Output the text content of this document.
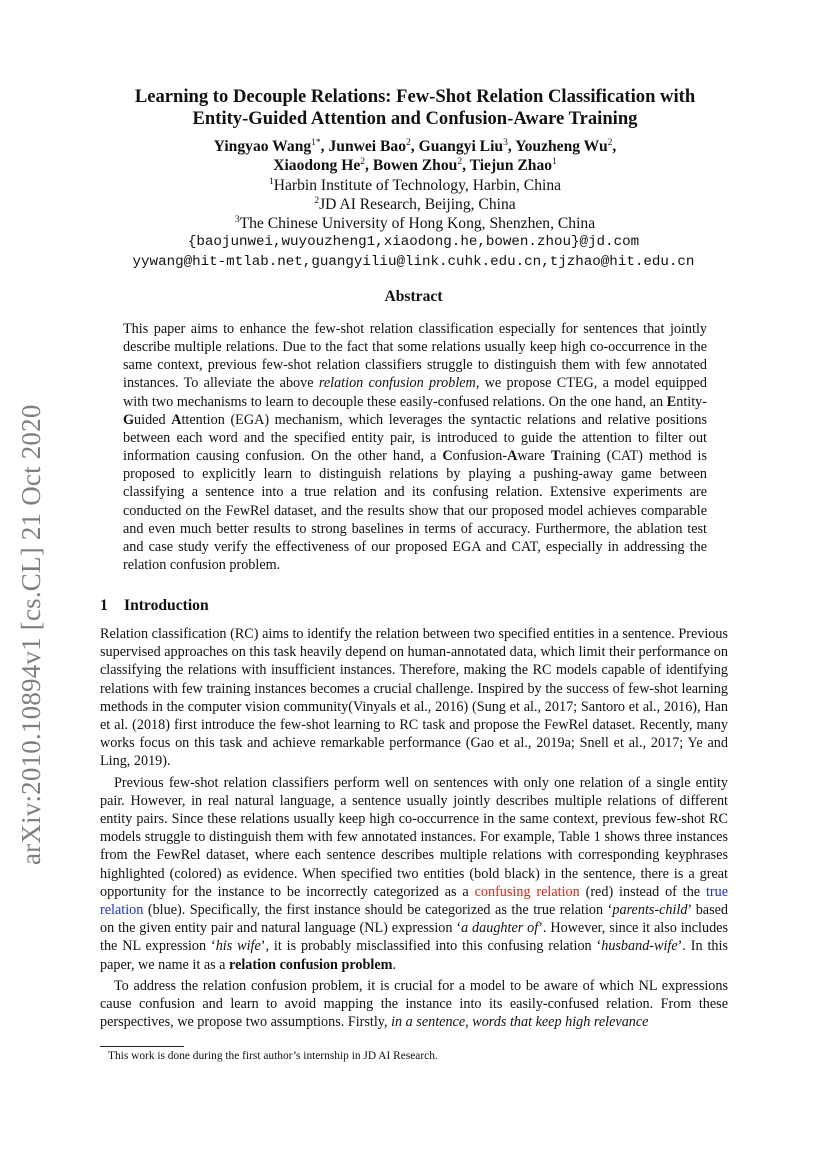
arXiv:2010.10894v1 [cs.CL] 21 Oct 2020
Learning to Decouple Relations: Few-Shot Relation Classification with
Entity-Guided Attention and Confusion-Aware Training
Yingyao Wang$^{1*}$, Junwei Bao$^2$, Guangyi Liu$^3$, Youzheng Wu$^2$,
Xiaodong He$^2$, Bowen Zhou$^2$, Tiejun Zhao$^1$
$^1$Harbin Institute of Technology, Harbin, China
$^2$JD AI Research, Beijing, China
$^3$The Chinese University of Hong Kong, Shenzhen, China
{baojunwei,wuyouzheng1,xiaodong.he,bowen.zhou}@jd.com
yywang@hit-mtlab.net,guangyiliu@link.cuhk.edu.cn,tjzhao@hit.edu.cn
Abstract

This paper aims to enhance the few-shot relation classification especially for sentences that jointly describe multiple relations. Due to the fact that some relations usually keep high co-occurrence in the same context, previous few-shot relation classifiers struggle to distinguish them with few annotated instances. To alleviate the above relation confusion problem, we propose CTEG, a model equipped with two mechanisms to learn to decouple these easily-confused relations. On the one hand, an Entity-Guided Attention (EGA) mechanism, which leverages the syntactic relations and relative positions between each word and the specified entity pair, is introduced to guide the attention to filter out information causing confusion. On the other hand, a Confusion-Aware Training (CAT) method is proposed to explicitly learn to distinguish relations by playing a pushing-away game between classifying a sentence into a true relation and its confusing relation. Extensive experiments are conducted on the FewRel dataset, and the results show that our proposed model achieves comparable and even much better results to strong baselines in terms of accuracy. Furthermore, the ablation test and case study verify the effectiveness of our proposed EGA and CAT, especially in addressing the relation confusion problem.

1 Introduction

Relation classification (RC) aims to identify the relation between two specified entities in a sentence. Previous supervised approaches on this task heavily depend on human-annotated data, which limit their performance on classifying the relations with insufficient instances. Therefore, making the RC models capable of identifying relations with few training instances becomes a crucial challenge. Inspired by the success of few-shot learning methods in the computer vision community(Vinyals et al., 2016) (Sung et al., 2017; Santoro et al., 2016), Han et al. (2018) first introduce the few-shot learning to RC task and propose the FewRel dataset. Recently, many works focus on this task and achieve remarkable performance (Gao et al., 2019a; Snell et al., 2017; Ye and Ling, 2019).

Previous few-shot relation classifiers perform well on sentences with only one relation of a single entity pair. However, in real natural language, a sentence usually jointly describes multiple relations of different entity pairs. Since these relations usually keep high co-occurrence in the same context, previous few-shot RC models struggle to distinguish them with few annotated instances. For example, Table 1 shows three instances from the FewRel dataset, where each sentence describes multiple relations with corresponding keyphrases highlighted (colored) as evidence. When specified two entities (bold black) in the sentence, there is a great opportunity for the instance to be incorrectly categorized as a confusing relation (red) instead of the true relation (blue). Specifically, the first instance should be categorized as the true relation ‘parents-child’ based on the given entity pair and natural language (NL) expression ‘a daughter of’. However, since it also includes the NL expression ‘his wife’, it is probably misclassified into this confusing relation ‘husband-wife’. In this paper, we name it as a relation confusion problem.

To address the relation confusion problem, it is crucial for a model to be aware of which NL expressions cause confusion and learn to avoid mapping the instance into its easily-confused relation. From these perspectives, we propose two assumptions. Firstly, in a sentence, words that keep high relevance

This work is done during the first author’s internship in JD AI Research.
